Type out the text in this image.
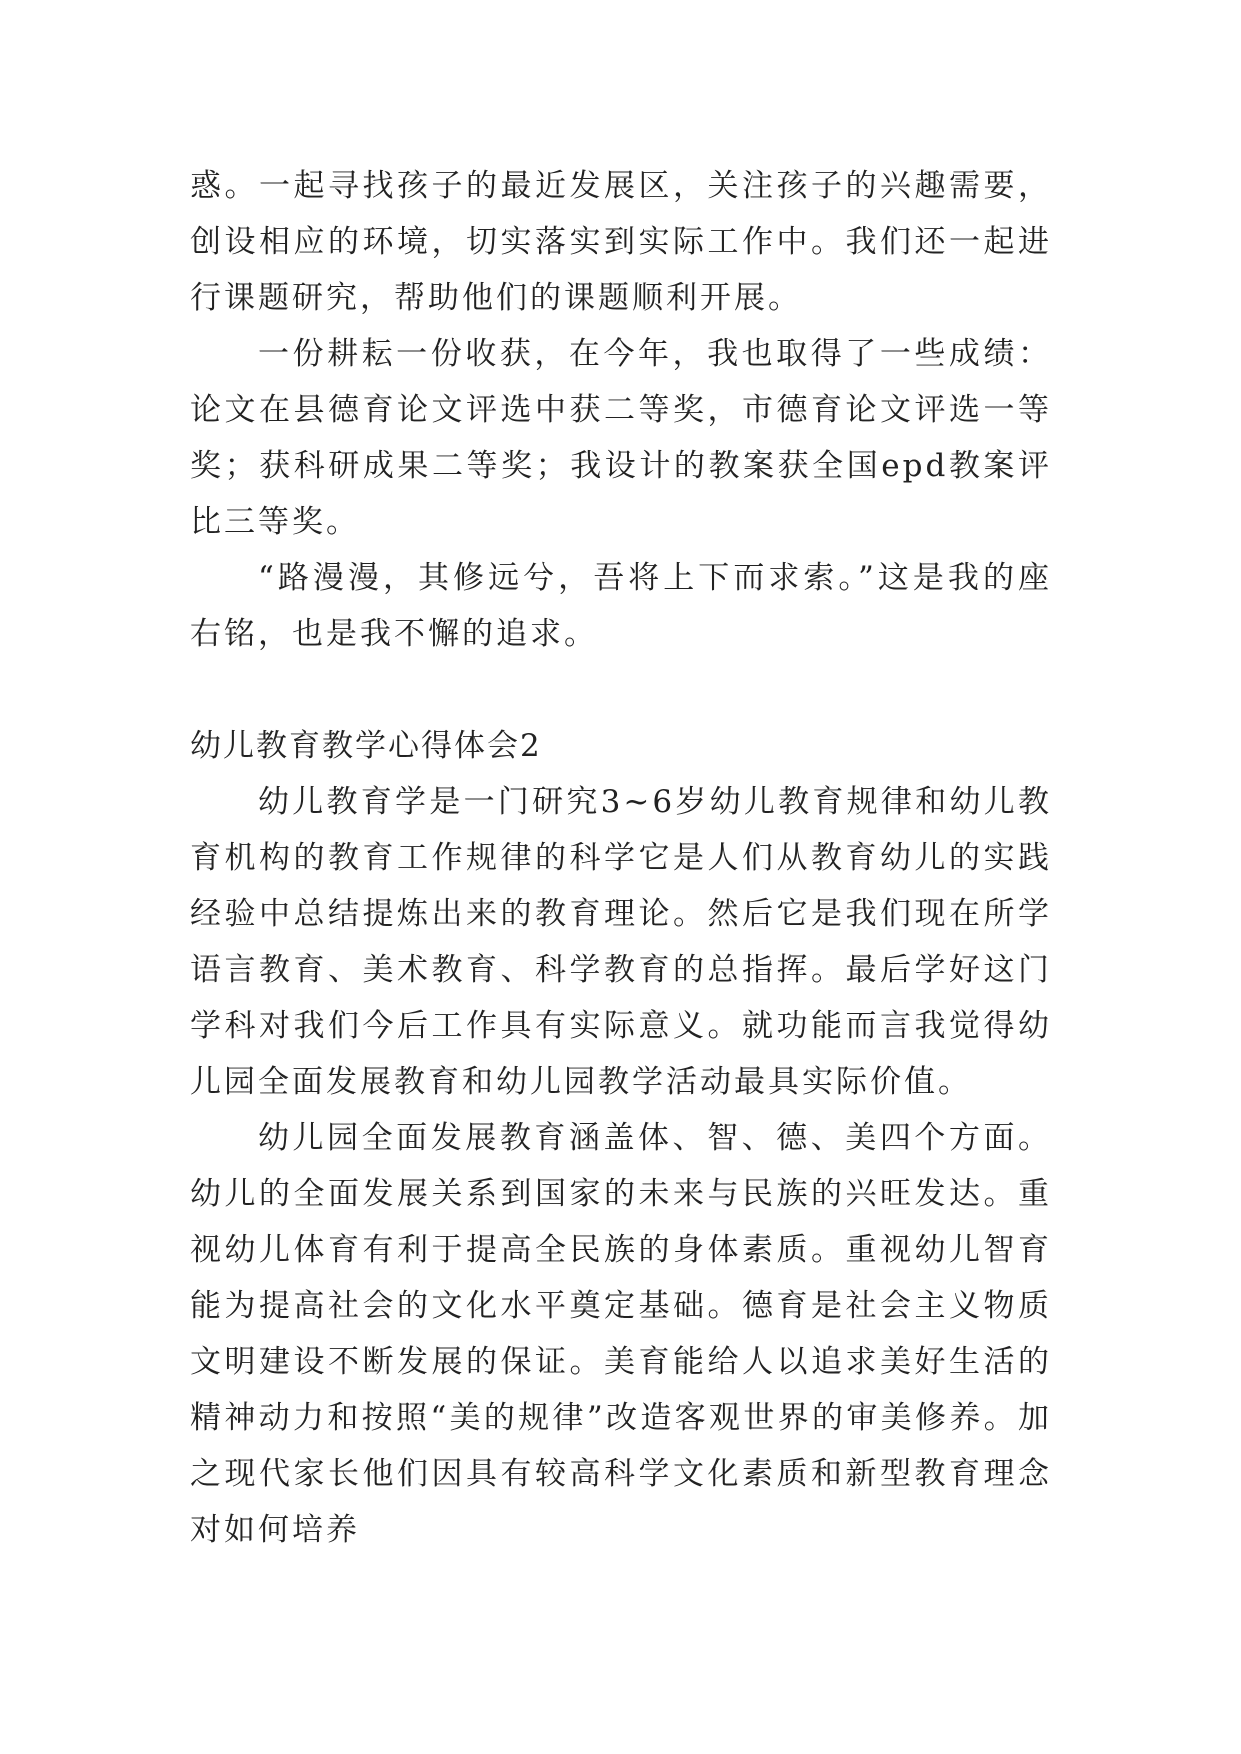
惑。一起寻找孩子的最近发展区，关注孩子的兴趣需要，创设相应的环境，切实落实到实际工作中。我们还一起进行课题研究，帮助他们的课题顺利开展。

一份耕耘一份收获，在今年，我也取得了一些成绩：论文在县德育论文评选中获二等奖，市德育论文评选一等奖；获科研成果二等奖；我设计的教案获全国epd教案评比三等奖。

“路漫漫，其修远兮，吾将上下而求索。”这是我的座右铭，也是我不懈的追求。

幼儿教育教学心得体会2

幼儿教育学是一门研究3~6岁幼儿教育规律和幼儿教育机构的教育工作规律的科学它是人们从教育幼儿的实践经验中总结提炼出来的教育理论。然后它是我们现在所学语言教育、美术教育、科学教育的总指挥。最后学好这门学科对我们今后工作具有实际意义。就功能而言我觉得幼儿园全面发展教育和幼儿园教学活动最具实际价值。

幼儿园全面发展教育涵盖体、智、德、美四个方面。幼儿的全面发展关系到国家的未来与民族的兴旺发达。重视幼儿体育有利于提高全民族的身体素质。重视幼儿智育能为提高社会的文化水平奠定基础。德育是社会主义物质文明建设不断发展的保证。美育能给人以追求美好生活的精神动力和按照“美的规律”改造客观世界的审美修养。加之现代家长他们因具有较高科学文化素质和新型教育理念对如何培养
